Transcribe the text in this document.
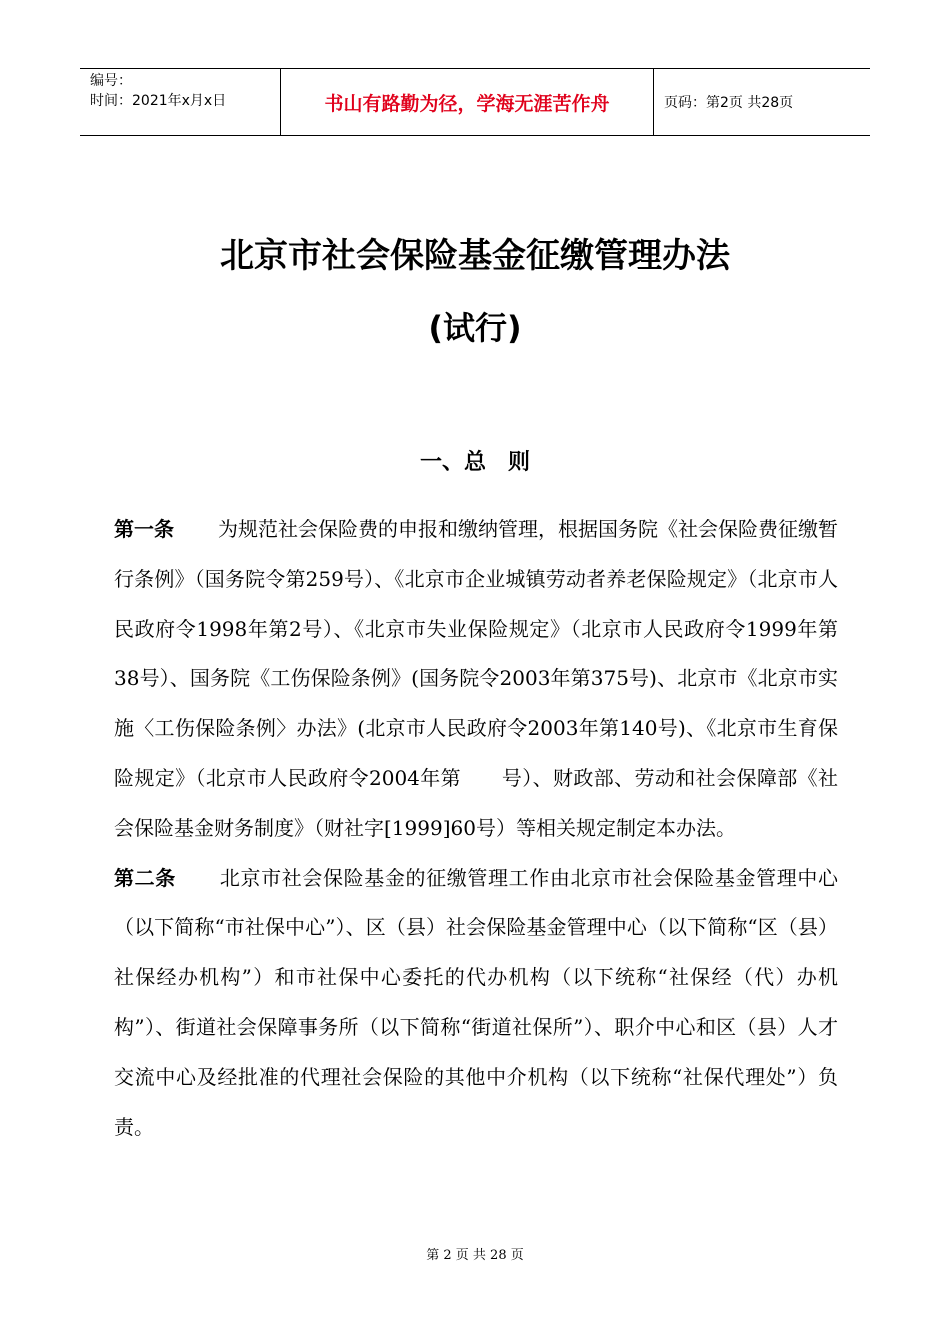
编号：
时间：2021年x月x日	书山有路勤为径，学海无涯苦作舟	页码：第2页 共28页
北京市社会保险基金征缴管理办法
(试行)
一、总　则

第一条 为规范社会保险费的申报和缴纳管理，根据国务院《社会保险费征缴暂行条例》（国务院令第259号）、《北京市企业城镇劳动者养老保险规定》（北京市人民政府令1998年第2号）、《北京市失业保险规定》（北京市人民政府令1999年第38号）、国务院《工伤保险条例》(国务院令2003年第375号)、北京市《北京市实施〈工伤保险条例〉办法》(北京市人民政府令2003年第140号)、《北京市生育保险规定》（北京市人民政府令2004年第　　号）、财政部、劳动和社会保障部《社会保险基金财务制度》（财社字[1999]60号）等相关规定制定本办法。

第二条 北京市社会保险基金的征缴管理工作由北京市社会保险基金管理中心（以下简称“市社保中心”）、区（县）社会保险基金管理中心（以下简称“区（县）社保经办机构”）和市社保中心委托的代办机构（以下统称“社保经（代）办机构”）、街道社会保障事务所（以下简称“街道社保所”）、职介中心和区（县）人才交流中心及经批准的代理社会保险的其他中介机构（以下统称“社保代理处”）负责。

第 2 页 共 28 页
